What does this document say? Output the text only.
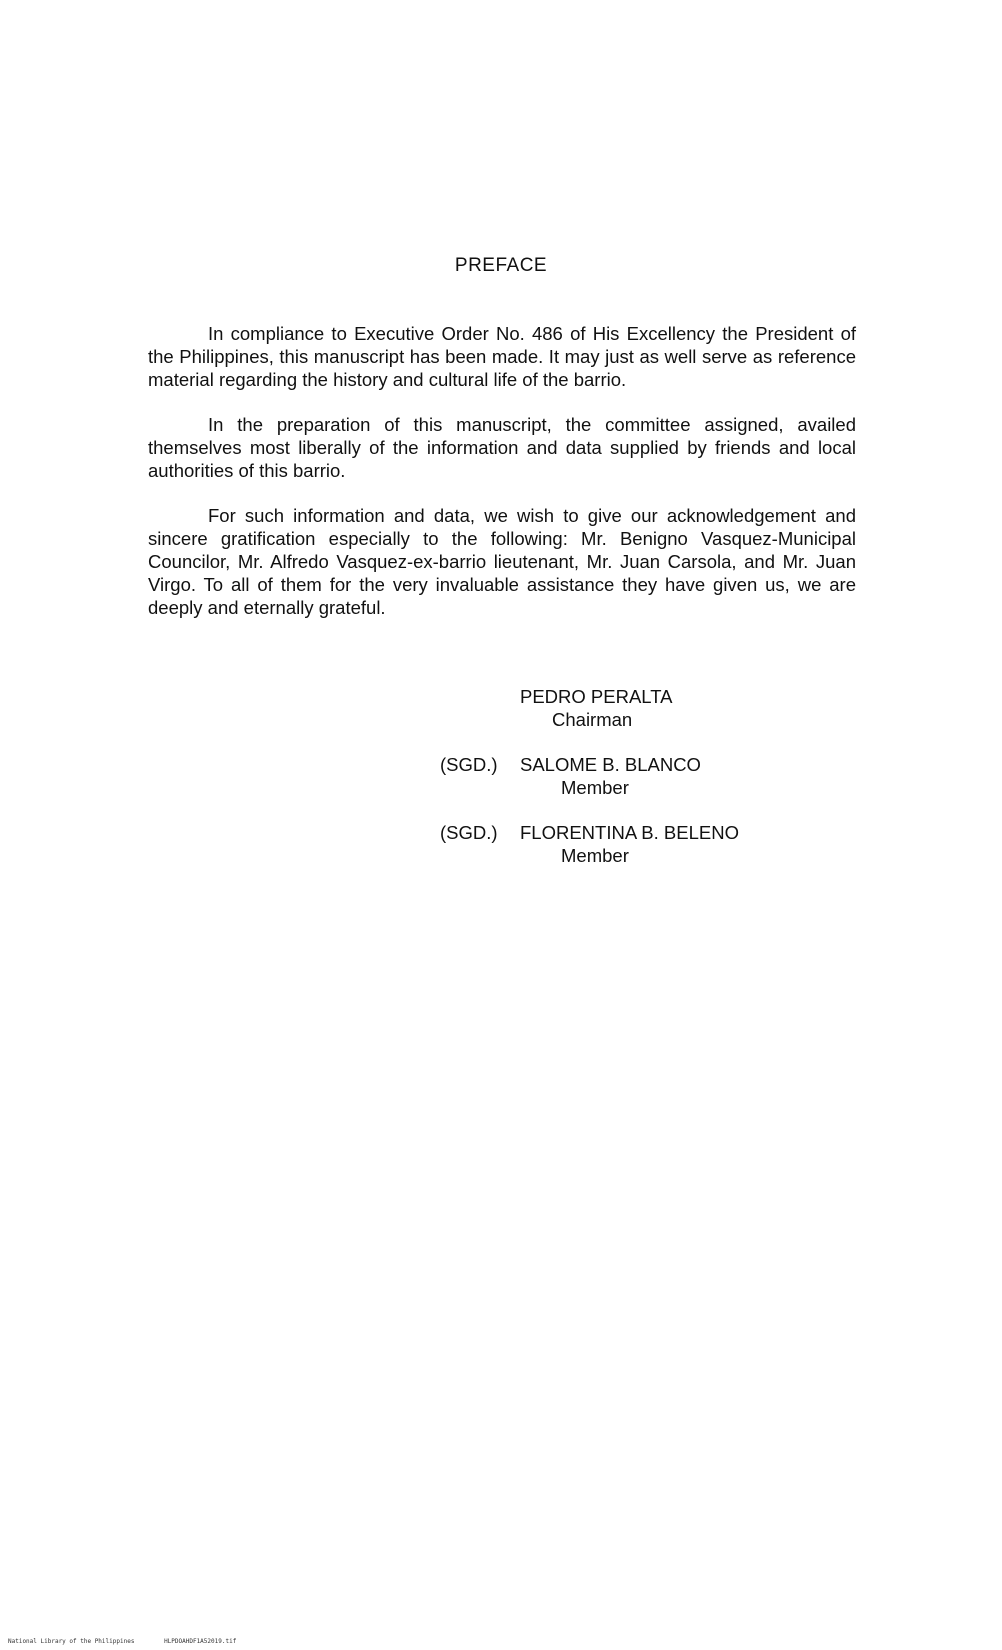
PREFACE

In compliance to Executive Order No. 486 of His Excellency the President of the Philippines, this manuscript has been made. It may just as well serve as reference material regarding the history and cultural life of the barrio.

In the preparation of this manuscript, the committee assigned, availed themselves most liberally of the information and data supplied by friends and local authorities of this barrio.

For such information and data, we wish to give our acknowledgement and sincere gratification especially to the following: Mr. Benigno Vasquez-Municipal Councilor, Mr. Alfredo Vasquez-ex-barrio lieutenant, Mr. Juan Carsola, and Mr. Juan Virgo. To all of them for the very invaluable assistance they have given us, we are deeply and eternally grateful.

PEDRO PERALTA
Chairman
(SGD.) SALOME B. BLANCO
Member
(SGD.) FLORENTINA B. BELENO
Member
National Library of the Philippines	HLPDOAHDF1A52019.tif
